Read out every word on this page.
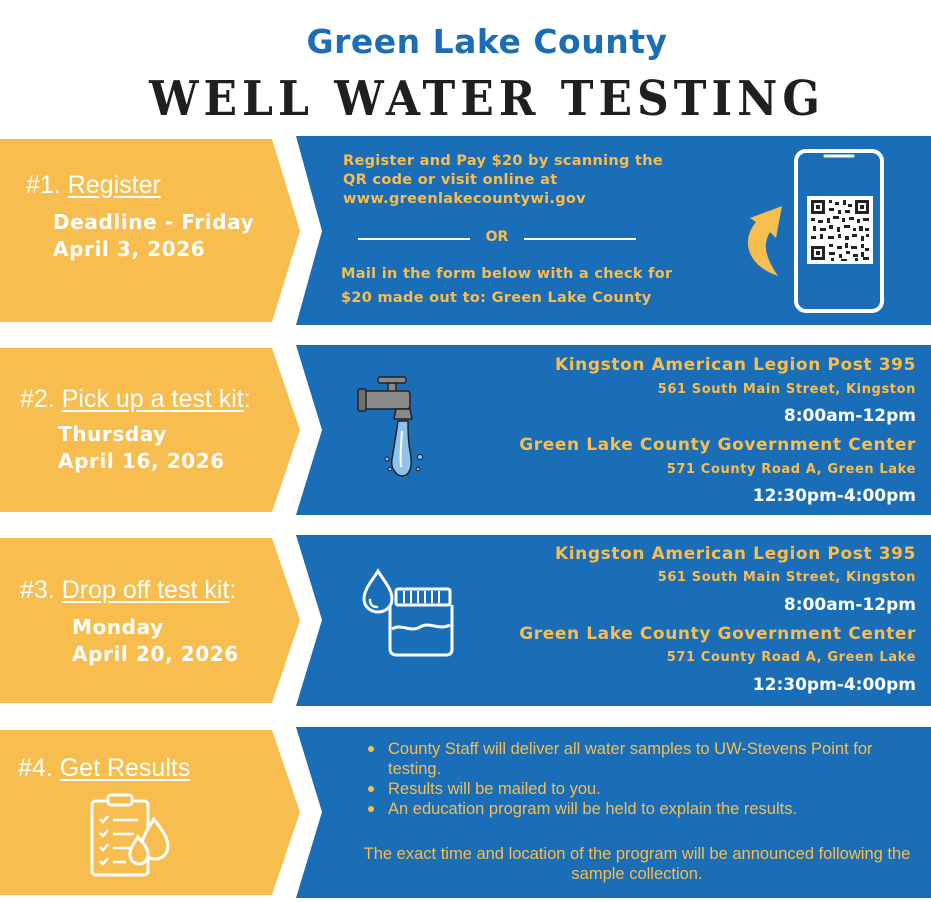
Green Lake County
WELL WATER TESTING
#1. Register
Deadline - Friday
April 3, 2026
Register and Pay $20 by scanning the
QR code or visit online at
www.greenlakecountywi.gov
OR
Mail in the form below with a check for
$20 made out to: Green Lake County
#2. Pick up a test kit:
Thursday
April 16, 2026
Kingston American Legion Post 395
561 South Main Street, Kingston
8:00am-12pm
Green Lake County Government Center
571 County Road A, Green Lake
12:30pm-4:00pm
#3. Drop off test kit:
Monday
April 20, 2026
Kingston American Legion Post 395
561 South Main Street, Kingston
8:00am-12pm
Green Lake County Government Center
571 County Road A, Green Lake
12:30pm-4:00pm
#4. Get Results
County Staff will deliver all water samples to UW-Stevens Point for testing.
Results will be mailed to you.
An education program will be held to explain the results.
The exact time and location of the program will be announced following the sample collection.
